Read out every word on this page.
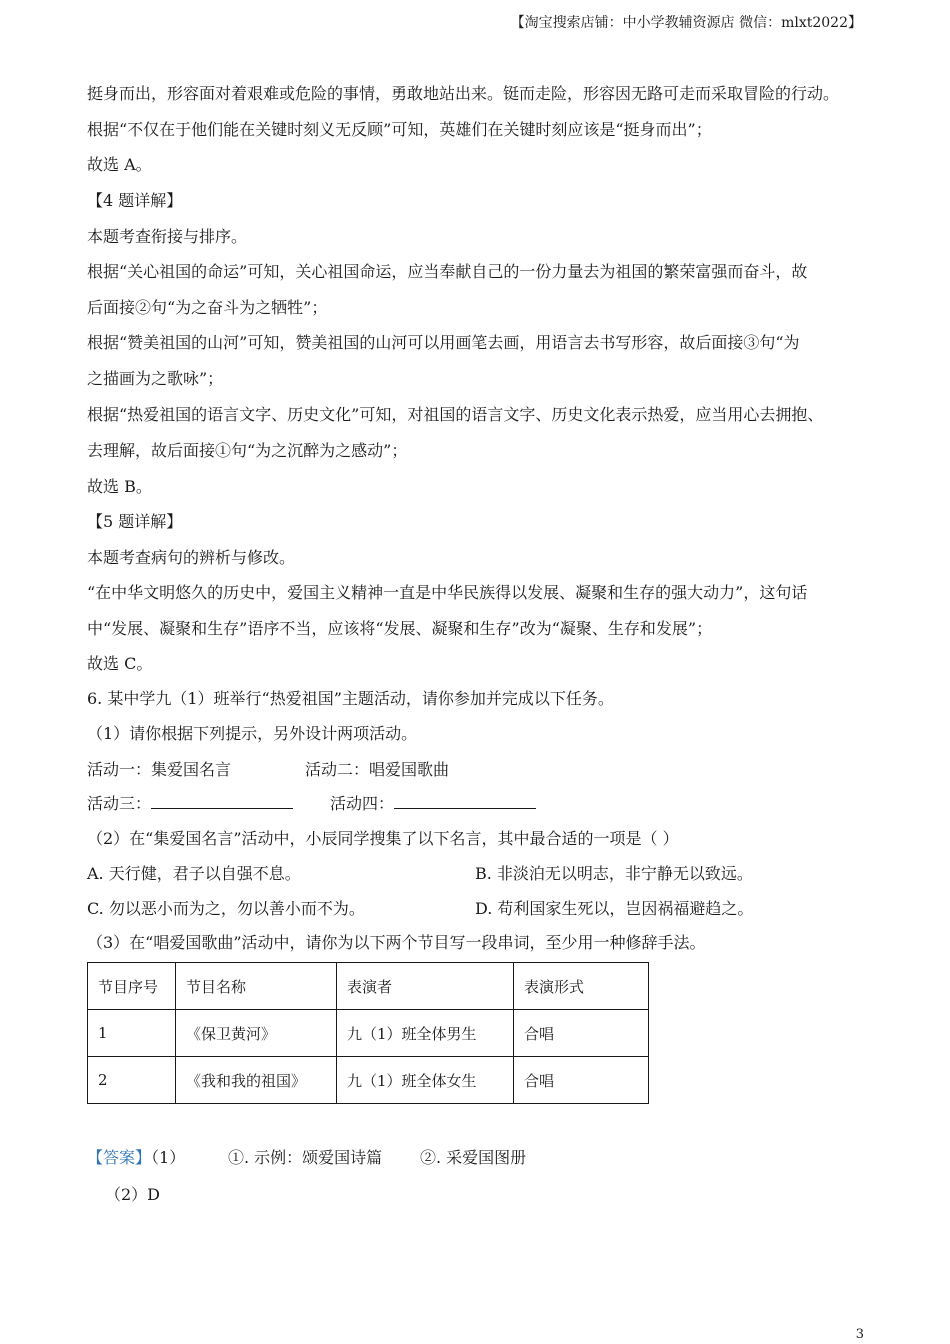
【淘宝搜索店铺：中小学教辅资源店 微信：mlxt2022】
挺身而出，形容面对着艰难或危险的事情，勇敢地站出来。铤而走险，形容因无路可走而采取冒险的行动。
根据“不仅在于他们能在关键时刻义无反顾”可知，英雄们在关键时刻应该是“挺身而出”；
故选 A。
【4 题详解】
本题考查衔接与排序。
根据“关心祖国的命运”可知，关心祖国命运，应当奉献自己的一份力量去为祖国的繁荣富强而奋斗，故
后面接②句“为之奋斗为之牺牲”；
根据“赞美祖国的山河”可知，赞美祖国的山河可以用画笔去画，用语言去书写形容，故后面接③句“为
之描画为之歌咏”；
根据“热爱祖国的语言文字、历史文化”可知，对祖国的语言文字、历史文化表示热爱，应当用心去拥抱、
去理解，故后面接①句“为之沉醉为之感动”；
故选 B。
【5 题详解】
本题考查病句的辨析与修改。
“在中华文明悠久的历史中，爱国主义精神一直是中华民族得以发展、凝聚和生存的强大动力”，这句话
中“发展、凝聚和生存”语序不当，应该将“发展、凝聚和生存”改为“凝聚、生存和发展”；
故选 C。
6. 某中学九（1）班举行“热爱祖国”主题活动，请你参加并完成以下任务。
（1）请你根据下列提示，另外设计两项活动。
活动一：集爱国名言	活动二：唱爱国歌曲
活动三：	活动四：
（2）在“集爱国名言”活动中，小辰同学搜集了以下名言，其中最合适的一项是（ ）
A. 天行健，君子以自强不息。	B. 非淡泊无以明志，非宁静无以致远。
C. 勿以恶小而为之，勿以善小而不为。	D. 苟利国家生死以，岂因祸福避趋之。
（3）在“唱爱国歌曲”活动中，请你为以下两个节目写一段串词，至少用一种修辞手法。
节目序号	节目名称	表演者	表演形式
1	《保卫黄河》	九（1）班全体男生	合唱
2	《我和我的祖国》	九（1）班全体女生	合唱
【答案】（1）	①. 示例：颂爱国诗篇 ②. 采爱国图册
（2）D
3
